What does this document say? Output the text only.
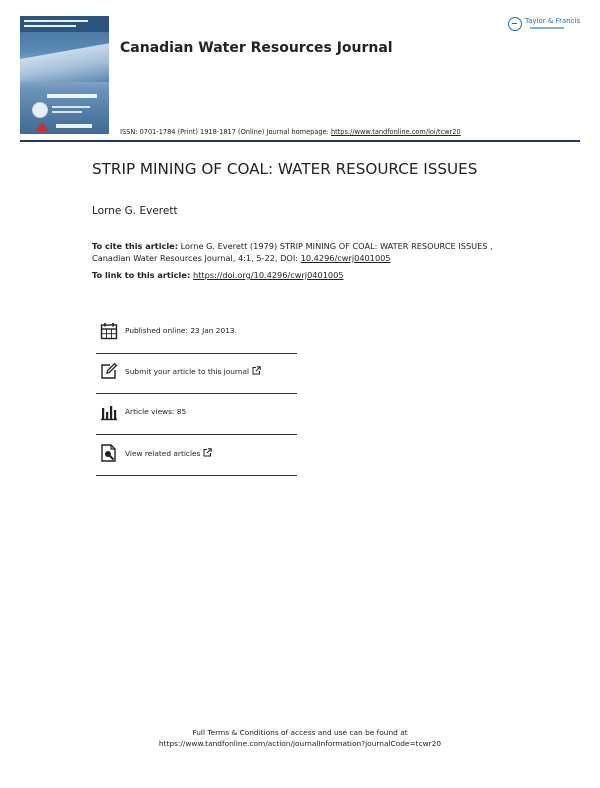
Canadian Water Resources Journal
Taylor & Francis
ISSN: 0701-1784 (Print) 1918-1817 (Online) Journal homepage: https://www.tandfonline.com/loi/tcwr20
STRIP MINING OF COAL: WATER RESOURCE ISSUES
Lorne G. Everett
To cite this article: Lorne G. Everett (1979) STRIP MINING OF COAL: WATER RESOURCE ISSUES , Canadian Water Resources Journal, 4:1, 5-22, DOI: 10.4296/cwrj0401005
To link to this article: https://doi.org/10.4296/cwrj0401005
Published online: 23 Jan 2013.
Submit your article to this journal
Article views: 85
View related articles
Full Terms & Conditions of access and use can be found at
https://www.tandfonline.com/action/journalInformation?journalCode=tcwr20
